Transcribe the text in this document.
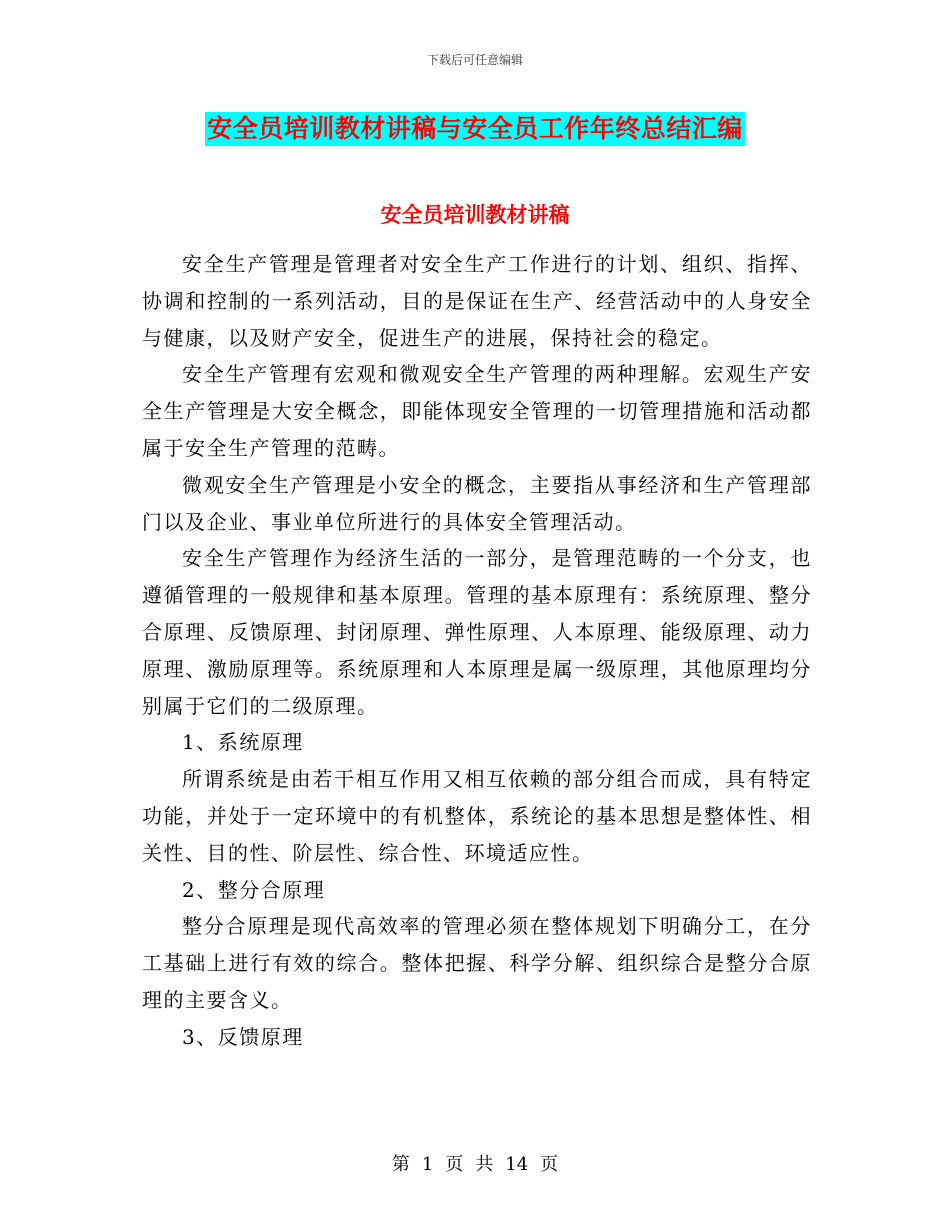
下载后可任意编辑
安全员培训教材讲稿与安全员工作年终总结汇编
安全员培训教材讲稿

安全生产管理是管理者对安全生产工作进行的计划、组织、指挥、协调和控制的一系列活动，目的是保证在生产、经营活动中的人身安全与健康，以及财产安全，促进生产的进展，保持社会的稳定。

安全生产管理有宏观和微观安全生产管理的两种理解。宏观生产安全生产管理是大安全概念，即能体现安全管理的一切管理措施和活动都属于安全生产管理的范畴。

微观安全生产管理是小安全的概念，主要指从事经济和生产管理部门以及企业、事业单位所进行的具体安全管理活动。

安全生产管理作为经济生活的一部分，是管理范畴的一个分支，也遵循管理的一般规律和基本原理。管理的基本原理有：系统原理、整分合原理、反馈原理、封闭原理、弹性原理、人本原理、能级原理、动力原理、激励原理等。系统原理和人本原理是属一级原理，其他原理均分别属于它们的二级原理。

1、系统原理

所谓系统是由若干相互作用又相互依赖的部分组合而成，具有特定功能，并处于一定环境中的有机整体，系统论的基本思想是整体性、相关性、目的性、阶层性、综合性、环境适应性。

2、整分合原理

整分合原理是现代高效率的管理必须在整体规划下明确分工，在分工基础上进行有效的综合。整体把握、科学分解、组织综合是整分合原理的主要含义。

3、反馈原理

第 1 页 共 14 页
